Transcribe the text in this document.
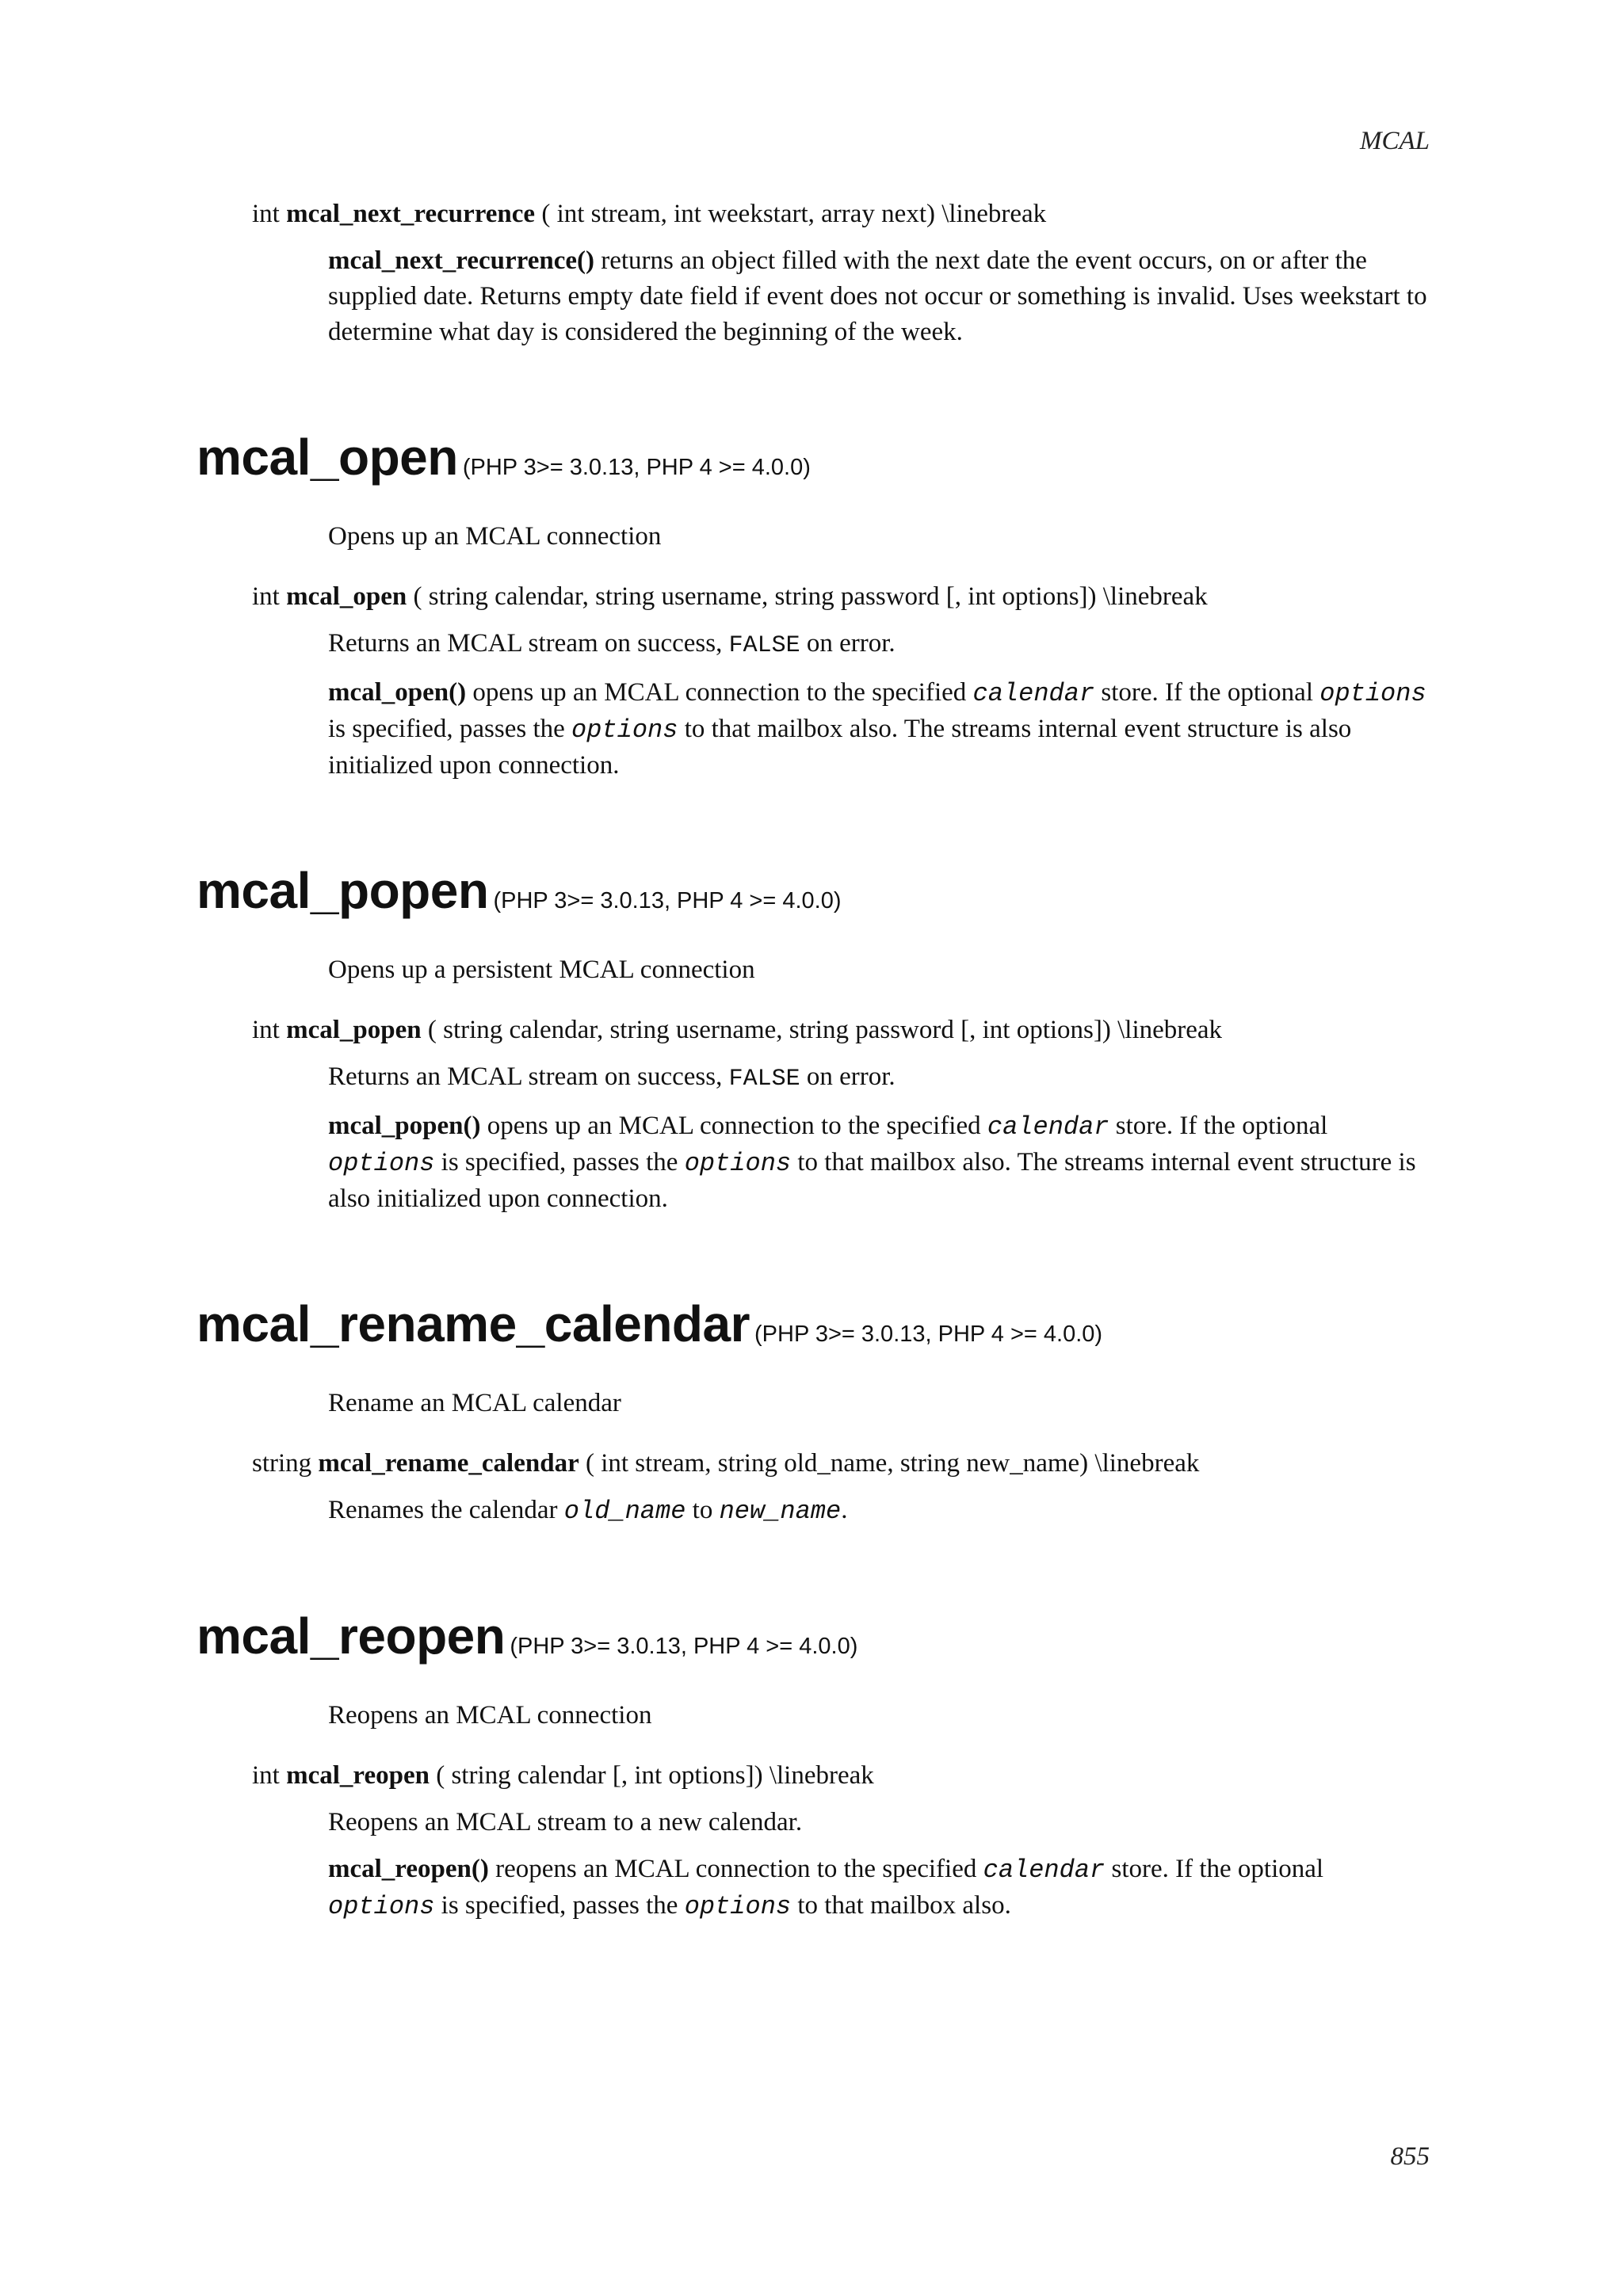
MCAL
int mcal_next_recurrence ( int stream, int weekstart, array next) \linebreak
mcal_next_recurrence() returns an object filled with the next date the event occurs, on or after the supplied date. Returns empty date field if event does not occur or something is invalid. Uses weekstart to determine what day is considered the beginning of the week.
mcal_open (PHP 3>= 3.0.13, PHP 4 >= 4.0.0)
Opens up an MCAL connection
int mcal_open ( string calendar, string username, string password [, int options]) \linebreak
Returns an MCAL stream on success, FALSE on error.
mcal_open() opens up an MCAL connection to the specified calendar store. If the optional options is specified, passes the options to that mailbox also. The streams internal event structure is also initialized upon connection.
mcal_popen (PHP 3>= 3.0.13, PHP 4 >= 4.0.0)
Opens up a persistent MCAL connection
int mcal_popen ( string calendar, string username, string password [, int options]) \linebreak
Returns an MCAL stream on success, FALSE on error.
mcal_popen() opens up an MCAL connection to the specified calendar store. If the optional options is specified, passes the options to that mailbox also. The streams internal event structure is also initialized upon connection.
mcal_rename_calendar (PHP 3>= 3.0.13, PHP 4 >= 4.0.0)
Rename an MCAL calendar
string mcal_rename_calendar ( int stream, string old_name, string new_name) \linebreak
Renames the calendar old_name to new_name.
mcal_reopen (PHP 3>= 3.0.13, PHP 4 >= 4.0.0)
Reopens an MCAL connection
int mcal_reopen ( string calendar [, int options]) \linebreak
Reopens an MCAL stream to a new calendar.
mcal_reopen() reopens an MCAL connection to the specified calendar store. If the optional options is specified, passes the options to that mailbox also.
855
